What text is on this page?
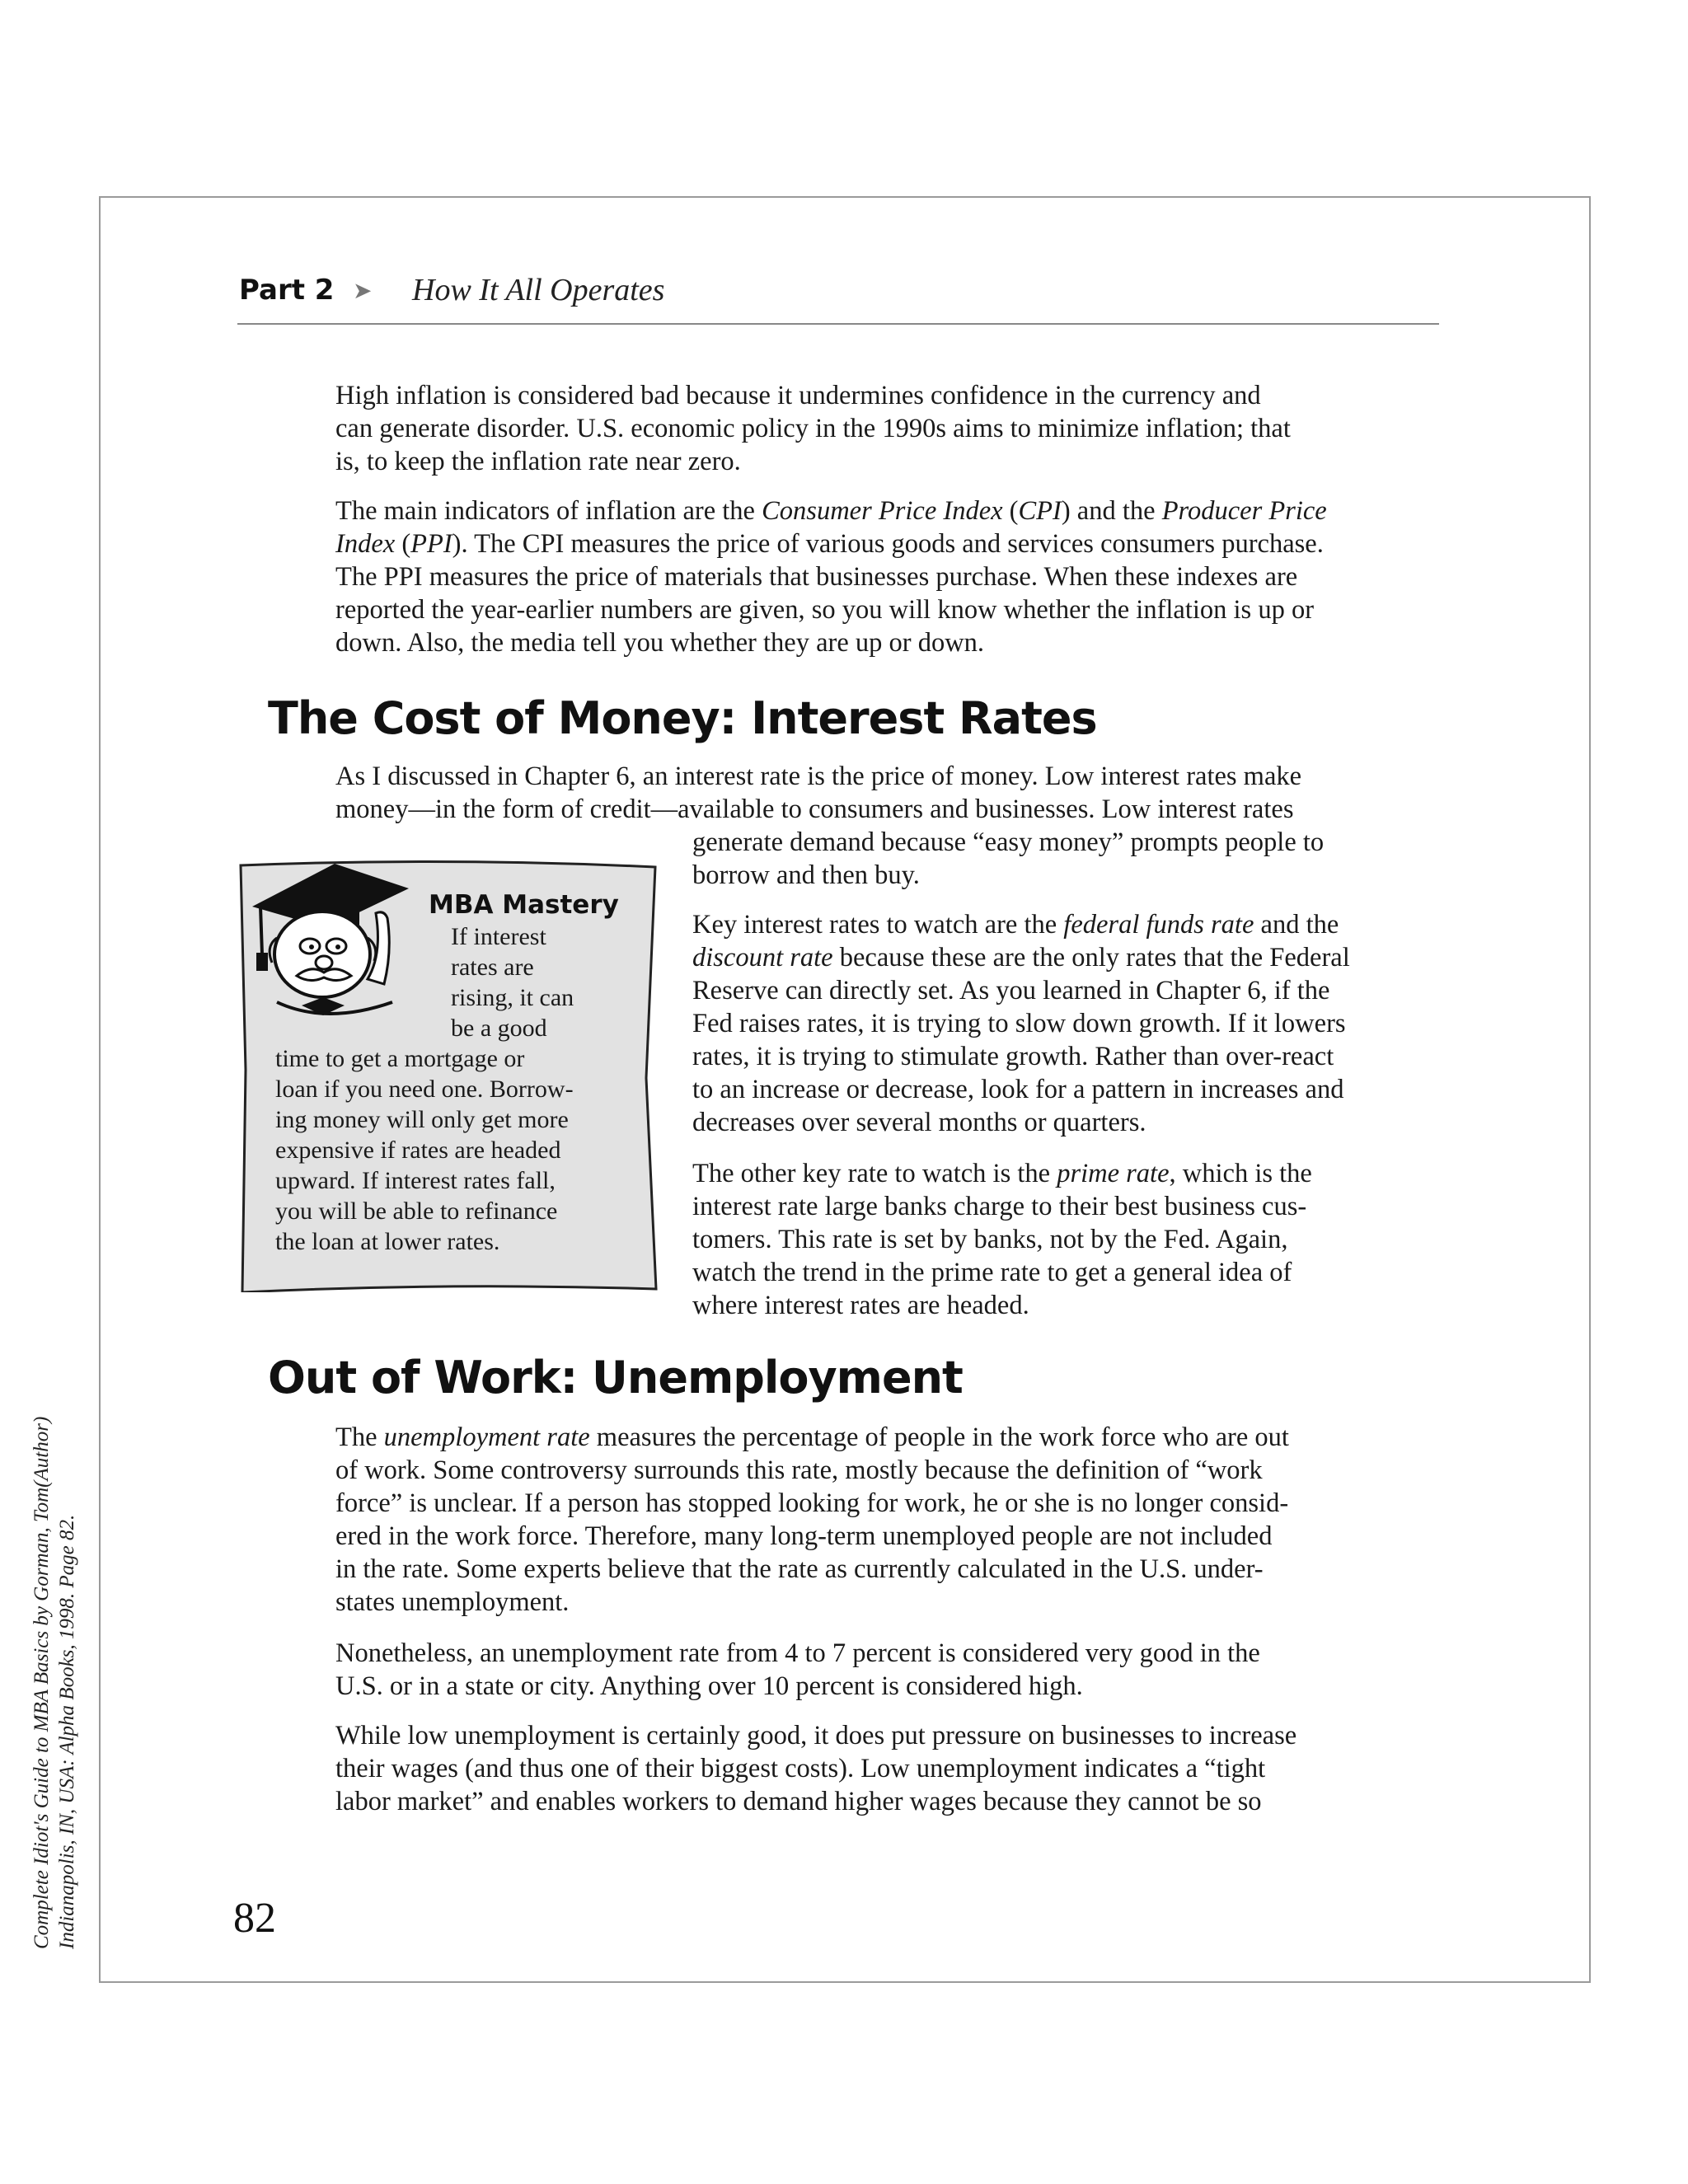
Complete Idiot's Guide to MBA Basics by Gorman, Tom(Author) Indianapolis, IN, USA: Alpha Books, 1998. Page 82.
Part 2 ➤ How It All Operates
High inflation is considered bad because it undermines confidence in the currency and
can generate disorder. U.S. economic policy in the 1990s aims to minimize inflation; that
is, to keep the inflation rate near zero.
The main indicators of inflation are the Consumer Price Index (CPI) and the Producer Price
Index (PPI). The CPI measures the price of various goods and services consumers purchase.
The PPI measures the price of materials that businesses purchase. When these indexes are
reported the year-earlier numbers are given, so you will know whether the inflation is up or
down. Also, the media tell you whether they are up or down.
The Cost of Money: Interest Rates
As I discussed in Chapter 6, an interest rate is the price of money. Low interest rates make
money—in the form of credit—available to consumers and businesses. Low interest rates
generate demand because “easy money” prompts people to
borrow and then buy.
Key interest rates to watch are the federal funds rate and the
discount rate because these are the only rates that the Federal
Reserve can directly set. As you learned in Chapter 6, if the
Fed raises rates, it is trying to slow down growth. If it lowers
rates, it is trying to stimulate growth. Rather than over-react
to an increase or decrease, look for a pattern in increases and
decreases over several months or quarters.
The other key rate to watch is the prime rate, which is the
interest rate large banks charge to their best business cus-
tomers. This rate is set by banks, not by the Fed. Again,
watch the trend in the prime rate to get a general idea of
where interest rates are headed.
MBA Mastery
If interest
rates are
rising, it can
be a good
time to get a mortgage or
loan if you need one. Borrow-
ing money will only get more
expensive if rates are headed
upward. If interest rates fall,
you will be able to refinance
the loan at lower rates.
Out of Work: Unemployment
The unemployment rate measures the percentage of people in the work force who are out
of work. Some controversy surrounds this rate, mostly because the definition of “work
force” is unclear. If a person has stopped looking for work, he or she is no longer consid-
ered in the work force. Therefore, many long-term unemployed people are not included
in the rate. Some experts believe that the rate as currently calculated in the U.S. under-
states unemployment.
Nonetheless, an unemployment rate from 4 to 7 percent is considered very good in the
U.S. or in a state or city. Anything over 10 percent is considered high.
While low unemployment is certainly good, it does put pressure on businesses to increase
their wages (and thus one of their biggest costs). Low unemployment indicates a “tight
labor market” and enables workers to demand higher wages because they cannot be so
82
